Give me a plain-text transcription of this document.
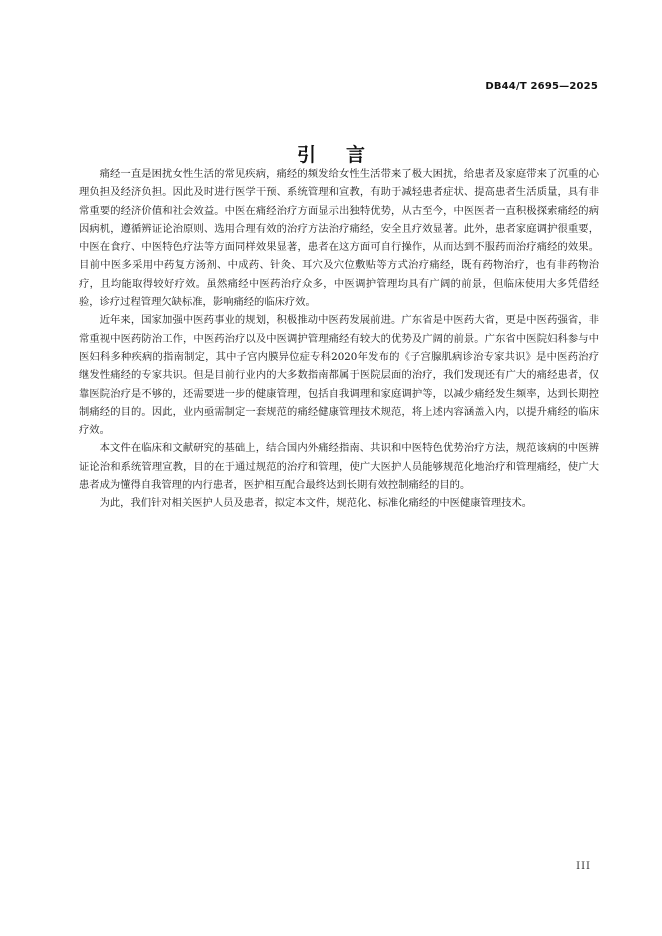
DB44/T 2695—2025
引言

痛经一直是困扰女性生活的常见疾病，痛经的频发给女性生活带来了极大困扰，给患者及家庭带来了沉重的心理负担及经济负担。因此及时进行医学干预、系统管理和宣教，有助于减轻患者症状、提高患者生活质量，具有非常重要的经济价值和社会效益。中医在痛经治疗方面显示出独特优势，从古至今，中医医者一直积极探索痛经的病因病机，遵循辨证论治原则、选用合理有效的治疗方法治疗痛经，安全且疗效显著。此外，患者家庭调护很重要，中医在食疗、中医特色疗法等方面同样效果显著，患者在这方面可自行操作，从而达到不服药而治疗痛经的效果。目前中医多采用中药复方汤剂、中成药、针灸、耳穴及穴位敷贴等方式治疗痛经，既有药物治疗，也有非药物治疗，且均能取得较好疗效。虽然痛经中医药治疗众多，中医调护管理均具有广阔的前景，但临床使用大多凭借经验，诊疗过程管理欠缺标准，影响痛经的临床疗效。

近年来，国家加强中医药事业的规划，积极推动中医药发展前进。广东省是中医药大省，更是中医药强省，非常重视中医药防治工作，中医药治疗以及中医调护管理痛经有较大的优势及广阔的前景。广东省中医院妇科参与中医妇科多种疾病的指南制定，其中子宫内膜异位症专科2020年发布的《子宫腺肌病诊治专家共识》是中医药治疗继发性痛经的专家共识。但是目前行业内的大多数指南都属于医院层面的治疗，我们发现还有广大的痛经患者，仅靠医院治疗是不够的，还需要进一步的健康管理，包括自我调理和家庭调护等，以减少痛经发生频率，达到长期控制痛经的目的。因此，业内亟需制定一套规范的痛经健康管理技术规范，将上述内容涵盖入内，以提升痛经的临床疗效。

本文件在临床和文献研究的基础上，结合国内外痛经指南、共识和中医特色优势治疗方法，规范该病的中医辨证论治和系统管理宣教，目的在于通过规范的治疗和管理，使广大医护人员能够规范化地治疗和管理痛经，使广大患者成为懂得自我管理的内行患者，医护相互配合最终达到长期有效控制痛经的目的。

为此，我们针对相关医护人员及患者，拟定本文件，规范化、标准化痛经的中医健康管理技术。

III
